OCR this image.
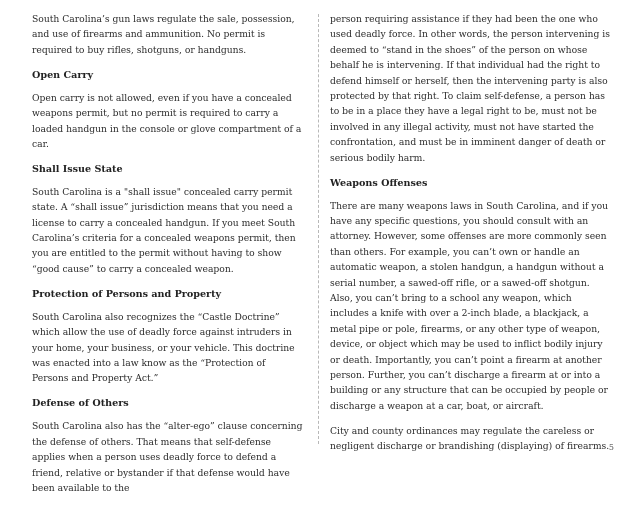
South Carolina’s gun laws regulate the sale, possession, and use of firearms and ammunition. No permit is required to buy rifles, shotguns, or handguns.

Open Carry

Open carry is not allowed, even if you have a concealed weapons permit, but no permit is required to carry a loaded handgun in the console or glove compartment of a car.

Shall Issue State

South Carolina is a "shall issue" concealed carry permit state. A “shall issue” jurisdiction means that you need a license to carry a concealed handgun. If you meet South Carolina’s criteria for a concealed weapons permit, then you are entitled to the permit without having to show “good cause” to carry a concealed weapon.

Protection of Persons and Property

South Carolina also recognizes the “Castle Doctrine” which allow the use of deadly force against intruders in your home, your business, or your vehicle. This doctrine was enacted into a law know as the “Protection of Persons and Property Act.”

Defense of Others

South Carolina also has the “alter-ego” clause concerning the defense of others. That means that self-defense applies when a person uses deadly force to defend a friend, relative or bystander if that defense would have been available to the

person requiring assistance if they had been the one who used deadly force. In other words, the person intervening is deemed to “stand in the shoes” of the person on whose behalf he is intervening. If that individual had the right to defend himself or herself, then the intervening party is also protected by that right. To claim self-defense, a person has to be in a place they have a legal right to be, must not be involved in any illegal activity, must not have started the confrontation, and must be in imminent danger of death or serious bodily harm.

Weapons Offenses

There are many weapons laws in South Carolina, and if you have any specific questions, you should consult with an attorney. However, some offenses are more commonly seen than others. For example, you can’t own or handle an automatic weapon, a stolen handgun, a handgun without a serial number, a sawed-off rifle, or a sawed-off shotgun. Also, you can’t bring to a school any weapon, which includes a knife with over a 2-inch blade, a blackjack, a metal pipe or pole, firearms, or any other type of weapon, device, or object which may be used to inflict bodily injury or death. Importantly, you can’t point a firearm at another person. Further, you can’t discharge a firearm at or into a building or any structure that can be occupied by people or discharge a weapon at a car, boat, or aircraft.

City and county ordinances may regulate the careless or negligent discharge or brandishing (displaying) of firearms. 5
